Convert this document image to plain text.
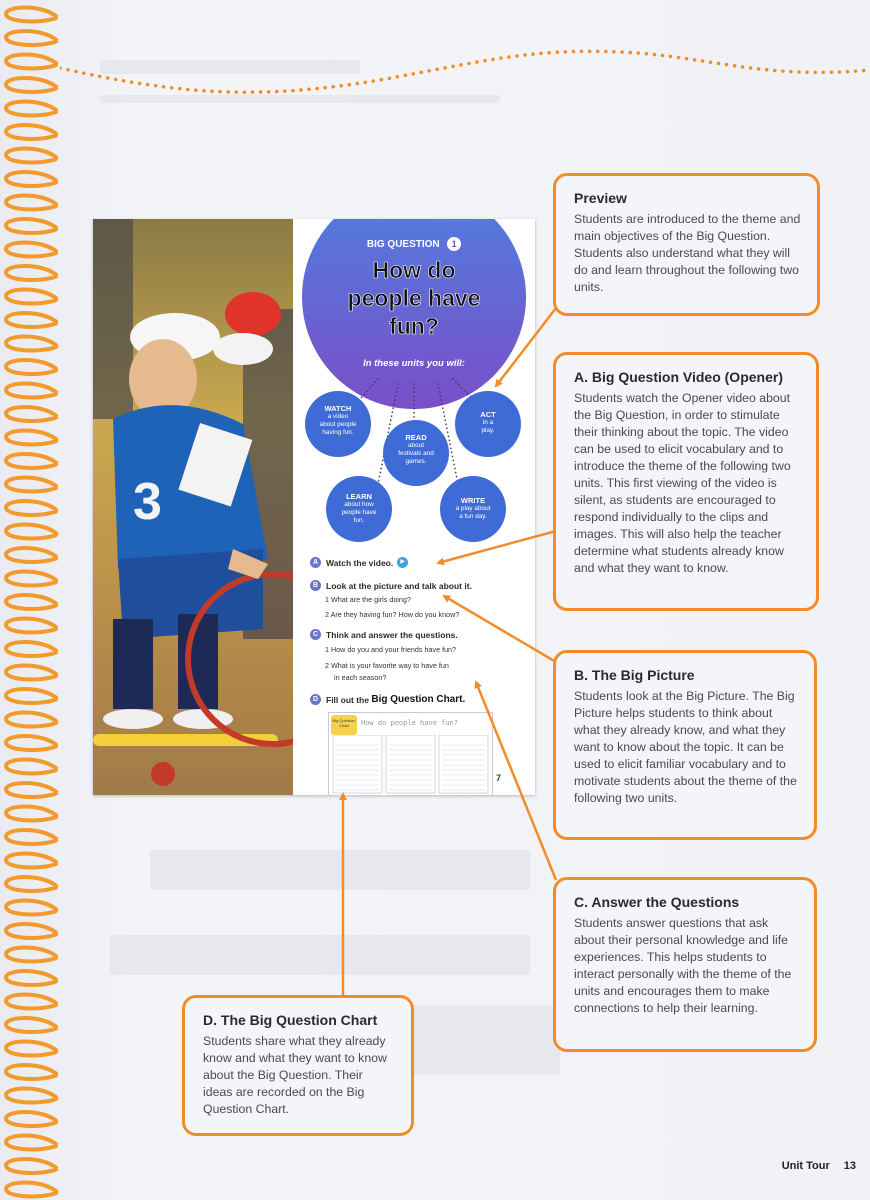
3
BIG QUESTION 1
How do
people have
fun?
In these units you will:
WATCH
a video
about people
having fun.
READ
about
festivals and
games.
ACT
in a
play.
LEARN
about how
people have
fun.
WRITE
a play about
a fun day.
A Watch the video. ▶
B Look at the picture and talk about it.
1 What are the girls doing?
2 Are they having fun? How do you know?
C Think and answer the questions.
1 How do you and your friends have fun?
2 What is your favorite way to have fun
in each season?
D Fill out the Big Question Chart.
Big Question Chart	How do people have fun?
7
Preview

Students are introduced to the theme and main objectives of the Big Question. Students also understand what they will do and learn throughout the following two units.

A. Big Question Video (Opener)

Students watch the Opener video about the Big Question, in order to stimulate their thinking about the topic. The video can be used to elicit vocabulary and to introduce the theme of the following two units. This first viewing of the video is silent, as students are encouraged to respond individually to the clips and images. This will also help the teacher determine what students already know and what they want to know.

B. The Big Picture

Students look at the Big Picture. The Big Picture helps students to think about what they already know, and what they want to know about the topic. It can be used to elicit familiar vocabulary and to motivate students about the theme of the following two units.

C. Answer the Questions

Students answer questions that ask about their personal knowledge and life experiences. This helps students to interact personally with the theme of the units and encourages them to make connections to help their learning.

D. The Big Question Chart

Students share what they already know and what they want to know about the Big Question. Their ideas are recorded on the Big Question Chart.

Unit Tour 13
